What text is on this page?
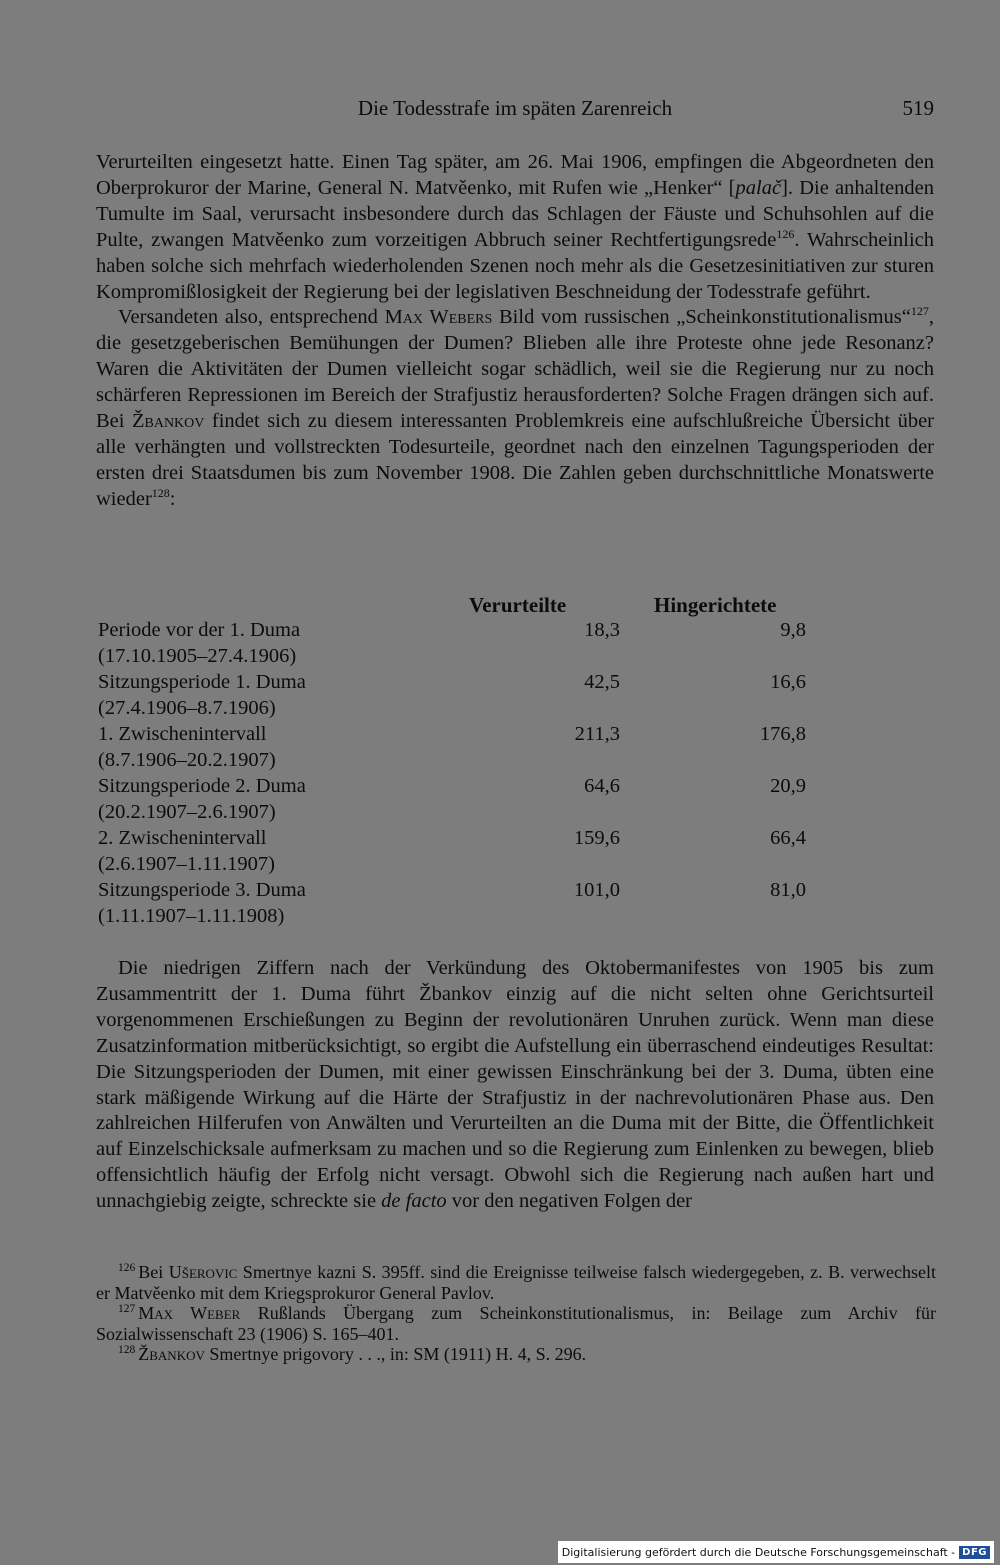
Die Todesstrafe im späten Zarenreich	519

Verurteilten eingesetzt hatte. Einen Tag später, am 26. Mai 1906, empfingen die Abgeordneten den Oberprokuror der Marine, General N. Matvěenko, mit Rufen wie „Henker“ [palač]. Die anhaltenden Tumulte im Saal, verursacht insbesondere durch das Schlagen der Fäuste und Schuhsohlen auf die Pulte, zwangen Matvěenko zum vorzeitigen Abbruch seiner Rechtfertigungsrede$^{126}$. Wahrscheinlich haben solche sich mehrfach wiederholenden Szenen noch mehr als die Gesetzesinitiativen zur sturen Kompromißlosigkeit der Regierung bei der legislativen Beschneidung der Todesstrafe geführt.

Versandeten also, entsprechend Max Webers Bild vom russischen „Scheinkonstitutionalismus“$^{127}$, die gesetzgeberischen Bemühungen der Dumen? Blieben alle ihre Proteste ohne jede Resonanz? Waren die Aktivitäten der Dumen vielleicht sogar schädlich, weil sie die Regierung nur zu noch schärferen Repressionen im Bereich der Strafjustiz herausforderten? Solche Fragen drängen sich auf. Bei Žbankov findet sich zu diesem interessanten Problemkreis eine aufschlußreiche Übersicht über alle verhängten und vollstreckten Todesurteile, geordnet nach den einzelnen Tagungsperioden der ersten drei Staatsdumen bis zum November 1908. Die Zahlen geben durchschnittliche Monatswerte wieder$^{128}$:

Verurteilte	Hingerichtete
Periode vor der 1. Duma
(17.10.1905–27.4.1906)
18,3	9,8
Sitzungsperiode 1. Duma
(27.4.1906–8.7.1906)
42,5	16,6
1. Zwischenintervall
(8.7.1906–20.2.1907)
211,3	176,8
Sitzungsperiode 2. Duma
(20.2.1907–2.6.1907)
64,6	20,9
2. Zwischenintervall
(2.6.1907–1.11.1907)
159,6	66,4
Sitzungsperiode 3. Duma
(1.11.1907–1.11.1908)
101,0	81,0

Die niedrigen Ziffern nach der Verkündung des Oktobermanifestes von 1905 bis zum Zusammentritt der 1. Duma führt Žbankov einzig auf die nicht selten ohne Gerichtsurteil vorgenommenen Erschießungen zu Beginn der revolutionären Unruhen zurück. Wenn man diese Zusatzinformation mitberücksichtigt, so ergibt die Aufstellung ein überraschend eindeutiges Resultat: Die Sitzungsperioden der Dumen, mit einer gewissen Einschränkung bei der 3. Duma, übten eine stark mäßigende Wirkung auf die Härte der Strafjustiz in der nachrevolutionären Phase aus. Den zahlreichen Hilferufen von Anwälten und Verurteilten an die Duma mit der Bitte, die Öffentlichkeit auf Einzelschicksale aufmerksam zu machen und so die Regierung zum Einlenken zu bewegen, blieb offensichtlich häufig der Erfolg nicht versagt. Obwohl sich die Regierung nach außen hart und unnachgiebig zeigte, schreckte sie de facto vor den negativen Folgen der

$^{126}$ Bei Ušerovic Smertnye kazni S. 395ff. sind die Ereignisse teilweise falsch wiedergegeben, z. B. verwechselt er Matvěenko mit dem Kriegsprokuror General Pavlov.

$^{127}$ Max Weber Rußlands Übergang zum Scheinkonstitutionalismus, in: Beilage zum Archiv für Sozialwissenschaft 23 (1906) S. 165–401.

$^{128}$ Žbankov Smertnye prigovory . . ., in: SM (1911) H. 4, S. 296.

Digitalisierung gefördert durch die Deutsche Forschungsgemeinschaft - DFG
